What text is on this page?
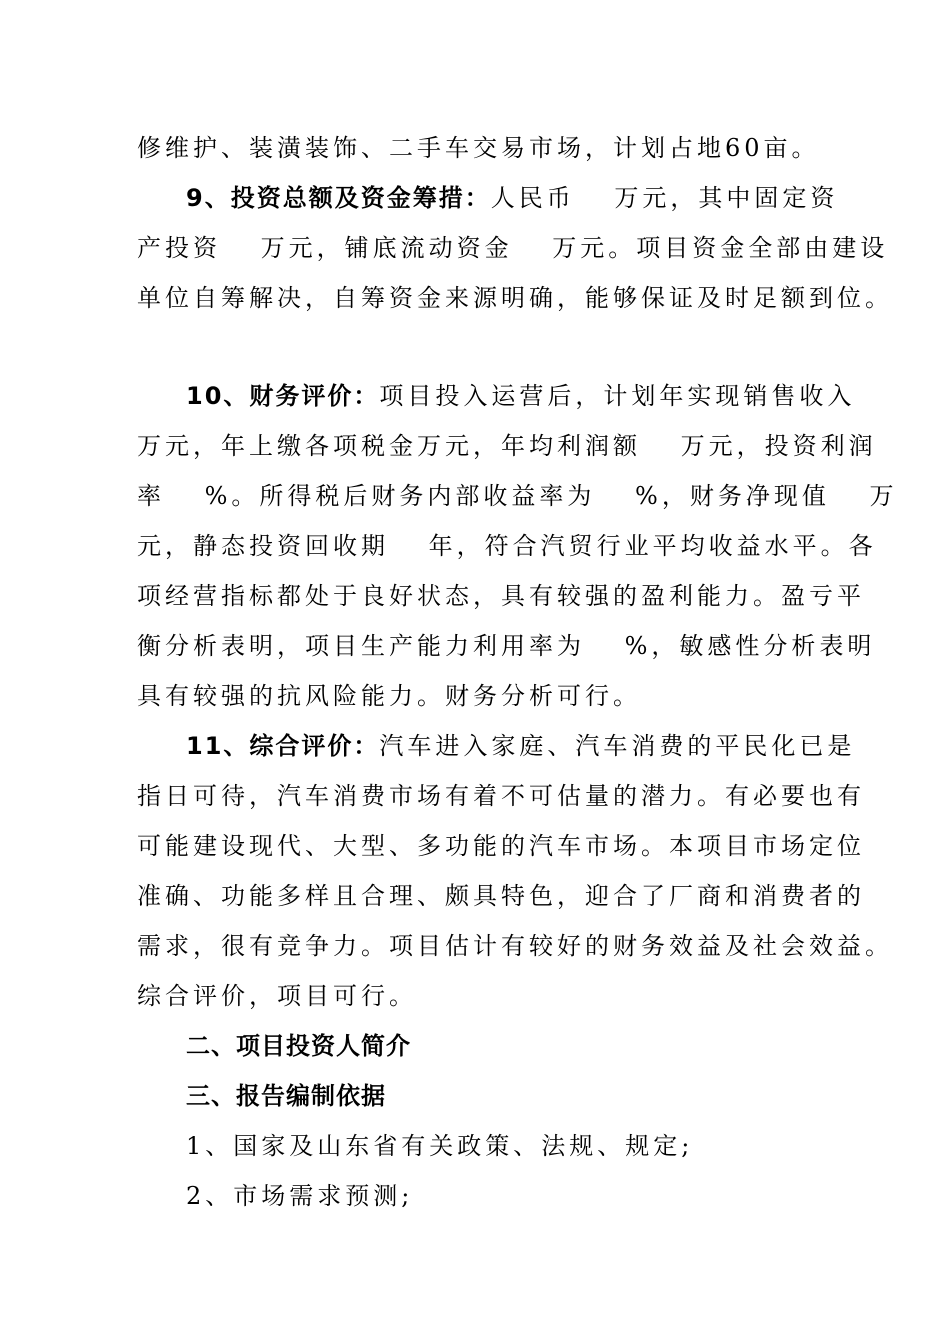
修维护、装潢装饰、二手车交易市场，计划占地60亩。
9、投资总额及资金筹措：人民币　 万元，其中固定资
产投资　 万元，铺底流动资金　 万元。项目资金全部由建设
单位自筹解决，自筹资金来源明确，能够保证及时足额到位。
10、财务评价：项目投入运营后，计划年实现销售收入
万元，年上缴各项税金万元，年均利润额　 万元，投资利润
率　 %。所得税后财务内部收益率为　 %，财务净现值　 万
元，静态投资回收期　 年，符合汽贸行业平均收益水平。各
项经营指标都处于良好状态，具有较强的盈利能力。盈亏平
衡分析表明，项目生产能力利用率为　 %，敏感性分析表明
具有较强的抗风险能力。财务分析可行。
11、综合评价：汽车进入家庭、汽车消费的平民化已是
指日可待，汽车消费市场有着不可估量的潜力。有必要也有
可能建设现代、大型、多功能的汽车市场。本项目市场定位
准确、功能多样且合理、颇具特色，迎合了厂商和消费者的
需求，很有竞争力。项目估计有较好的财务效益及社会效益。
综合评价，项目可行。
二、项目投资人简介
三、报告编制依据
1、国家及山东省有关政策、法规、规定;
2、市场需求预测;
